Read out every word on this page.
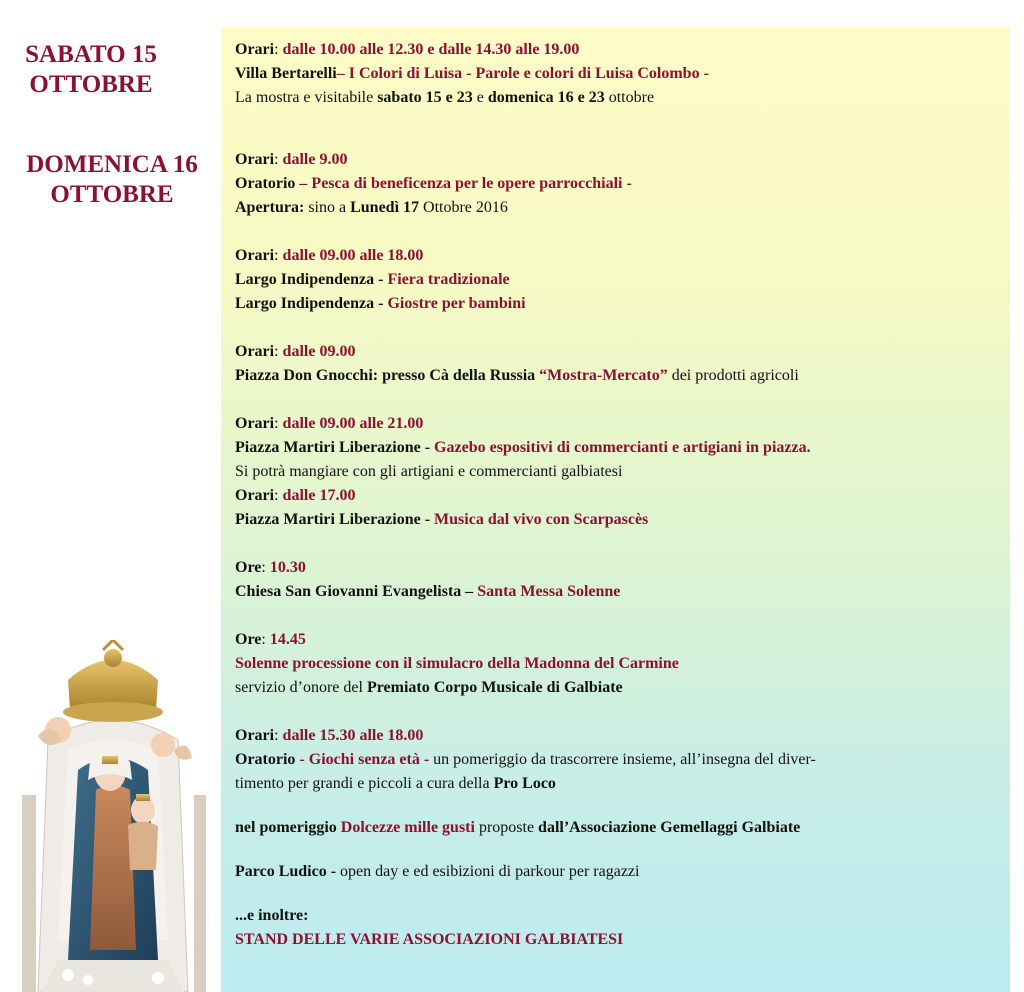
SABATO 15
OTTOBRE
DOMENICA 16
OTTOBRE
Orari: dalle 10.00 alle 12.30 e dalle 14.30 alle 19.00
Villa Bertarelli– I Colori di Luisa - Parole e colori di Luisa Colombo -
La mostra e visitabile sabato 15 e 23 e domenica 16 e 23 ottobre
Orari: dalle 9.00
Oratorio – Pesca di beneficenza per le opere parrocchiali -
Apertura: sino a Lunedì 17 Ottobre 2016
Orari: dalle 09.00 alle 18.00
Largo Indipendenza - Fiera tradizionale
Largo Indipendenza - Giostre per bambini
Orari: dalle 09.00
Piazza Don Gnocchi: presso Cà della Russia “Mostra-Mercato” dei prodotti agricoli
Orari: dalle 09.00 alle 21.00
Piazza Martiri Liberazione - Gazebo espositivi di commercianti e artigiani in piazza.
Si potrà mangiare con gli artigiani e commercianti galbiatesi
Orari: dalle 17.00
Piazza Martiri Liberazione - Musica dal vivo con Scarpascès
Ore: 10.30
Chiesa San Giovanni Evangelista – Santa Messa Solenne
Ore: 14.45
Solenne processione con il simulacro della Madonna del Carmine
servizio d’onore del Premiato Corpo Musicale di Galbiate
Orari: dalle 15.30 alle 18.00
Oratorio - Giochi senza età - un pomeriggio da trascorrere insieme, all’insegna del diver-
timento per grandi e piccoli a cura della Pro Loco
nel pomeriggio Dolcezze mille gusti proposte dall’Associazione Gemellaggi Galbiate
Parco Ludico - open day e ed esibizioni di parkour per ragazzi
...e inoltre:
STAND DELLE VARIE ASSOCIAZIONI GALBIATESI
